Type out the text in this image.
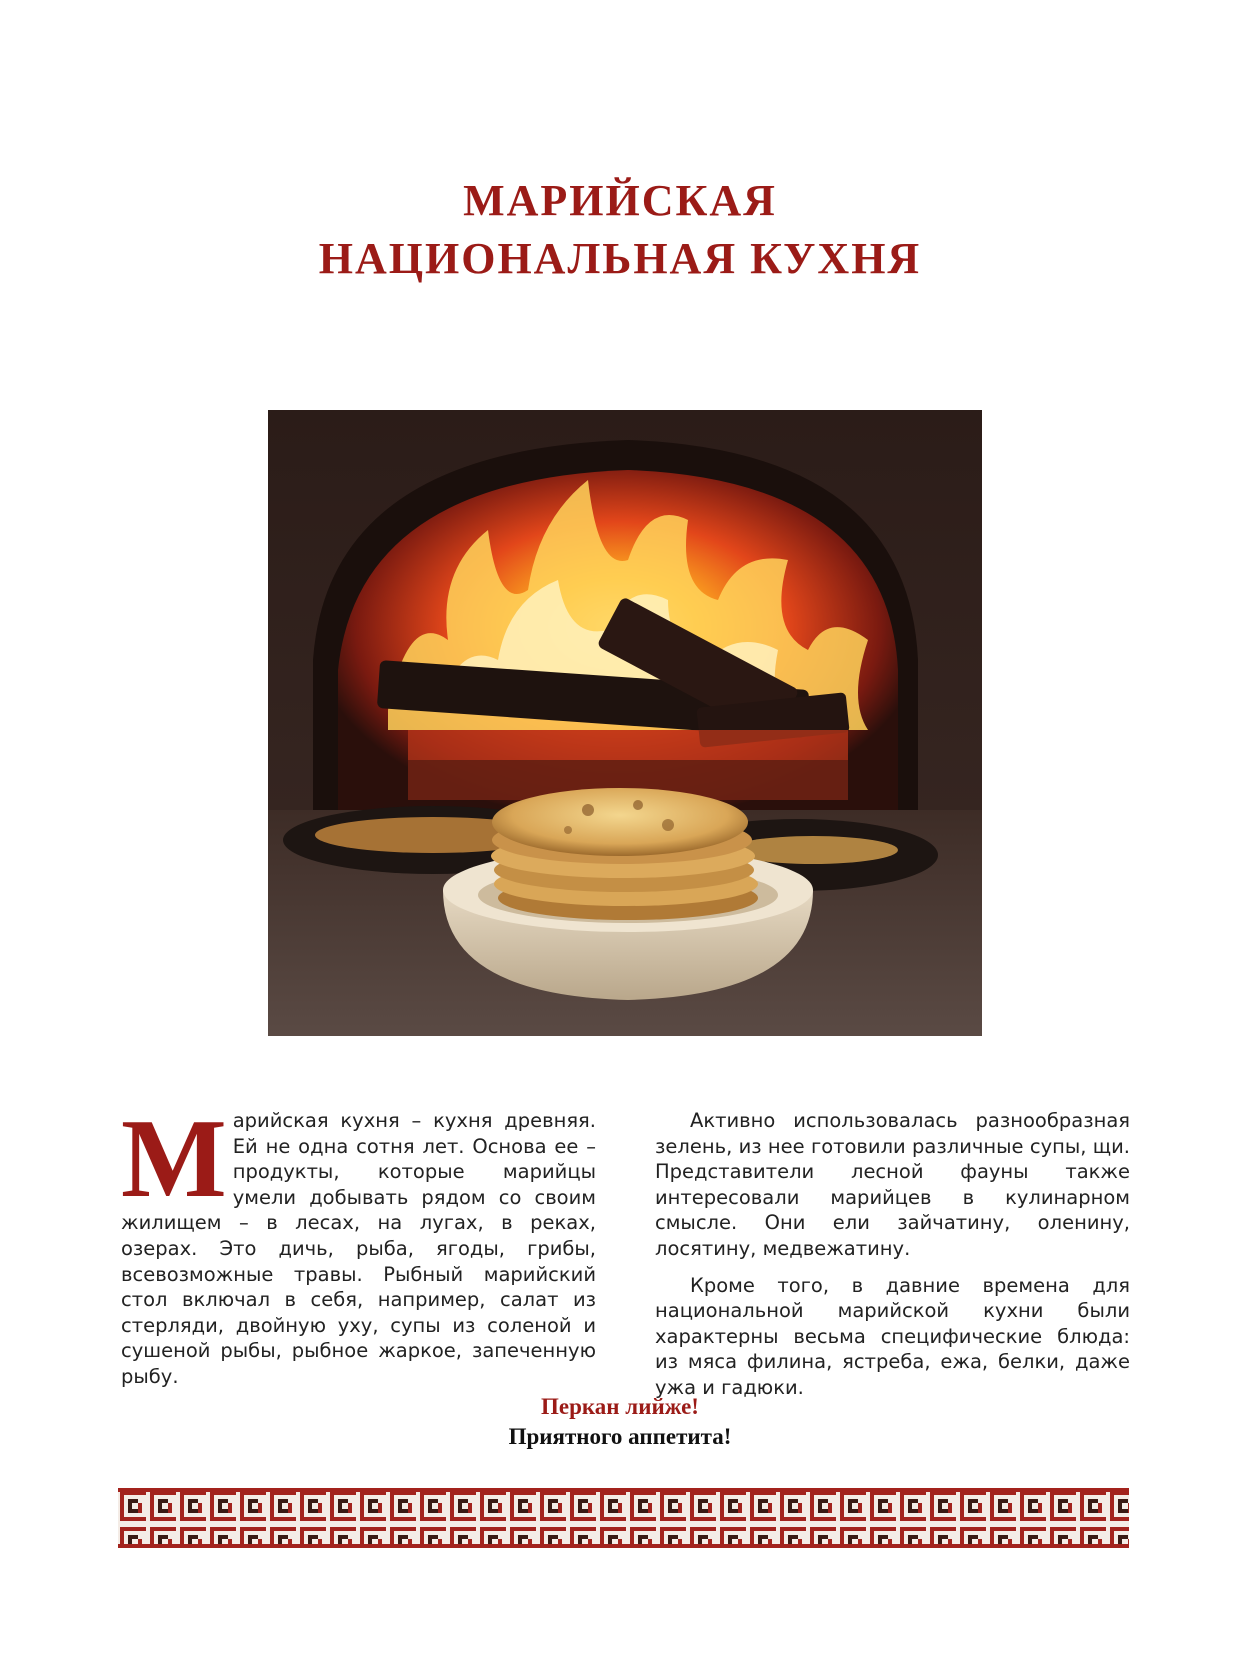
МАРИЙСКАЯ
НАЦИОНАЛЬНАЯ КУХНЯ

Марийская кухня – кухня древняя. Ей не одна сотня лет. Основа ее – продукты, которые марийцы умели добывать рядом со своим жилищем – в лесах, на лугах, в реках, озерах. Это дичь, рыба, ягоды, грибы, всевозможные травы. Рыбный марийский стол включал в себя, например, салат из стерляди, двойную уху, супы из соленой и сушеной рыбы, рыбное жаркое, запеченную рыбу.

Активно использовалась разнообразная зелень, из нее готовили различные супы, щи. Представители лесной фауны также интересовали марийцев в кулинарном смысле. Они ели зайчатину, оленину, лосятину, медвежатину.

Кроме того, в давние времена для национальной марийской кухни были характерны весьма специфические блюда: из мяса филина, ястреба, ежа, белки, даже ужа и гадюки.

Перкан лийже!
Приятного аппетита!
